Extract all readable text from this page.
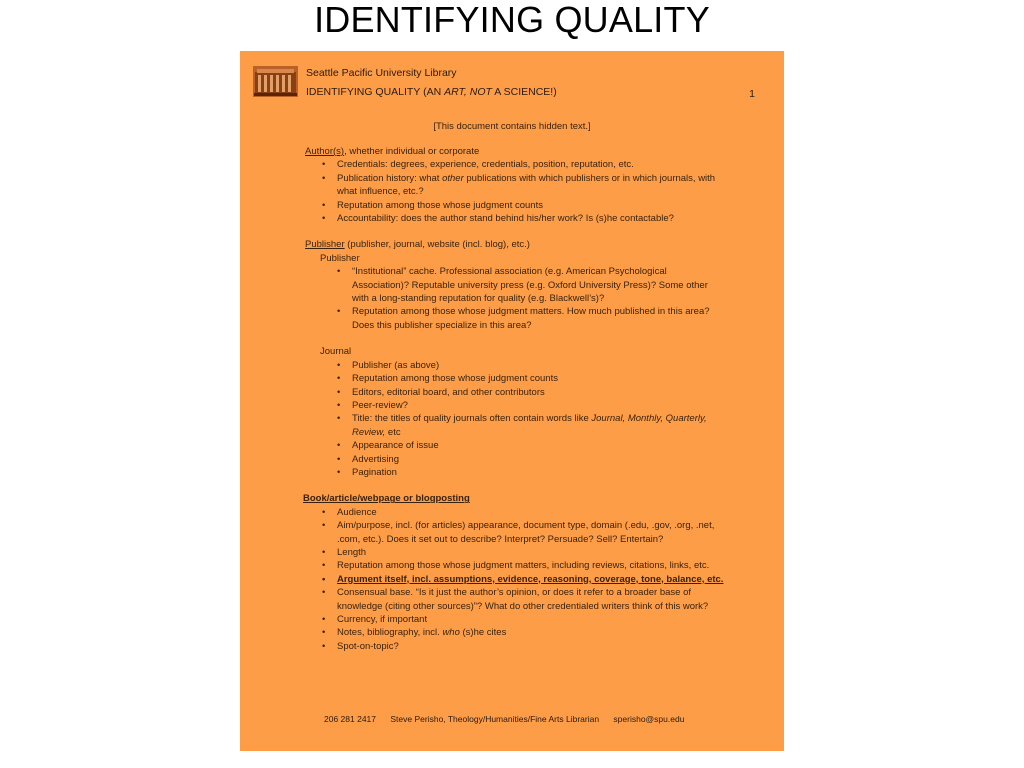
IDENTIFYING QUALITY
Seattle Pacific University Library
IDENTIFYING QUALITY (AN ART, NOT A SCIENCE!)	1
[This document contains hidden text.]

Author(s), whether individual or corporate

• Credentials: degrees, experience, credentials, position, reputation, etc.
• Publication history: what other publications with which publishers or in which journals, with what influence, etc.?
• Reputation among those whose judgment counts
• Accountability: does the author stand behind his/her work? Is (s)he contactable?

Publisher (publisher, journal, website (incl. blog), etc.)

Publisher

• “Institutional” cache. Professional association (e.g. American Psychological Association)? Reputable university press (e.g. Oxford University Press)? Some other with a long-standing reputation for quality (e.g. Blackwell’s)?
• Reputation among those whose judgment matters. How much published in this area? Does this publisher specialize in this area?

Journal

• Publisher (as above)
• Reputation among those whose judgment counts
• Editors, editorial board, and other contributors
• Peer-review?
• Title: the titles of quality journals often contain words like Journal, Monthly, Quarterly, Review, etc
• Appearance of issue
• Advertising
• Pagination

Book/article/webpage or blogposting

• Audience
• Aim/purpose, incl. (for articles) appearance, document type, domain (.edu, .gov, .org, .net, .com, etc.). Does it set out to describe? Interpret? Persuade? Sell? Entertain?
• Length
• Reputation among those whose judgment matters, including reviews, citations, links, etc.
• Argument itself, incl. assumptions, evidence, reasoning, coverage, tone, balance, etc.
• Consensual base. “Is it just the author’s opinion, or does it refer to a broader base of knowledge (citing other sources)”? What do other credentialed writers think of this work?
• Currency, if important
• Notes, bibliography, incl. who (s)he cites
• Spot-on-topic?
206 281 2417 Steve Perisho, Theology/Humanities/Fine Arts Librarian sperisho@spu.edu
